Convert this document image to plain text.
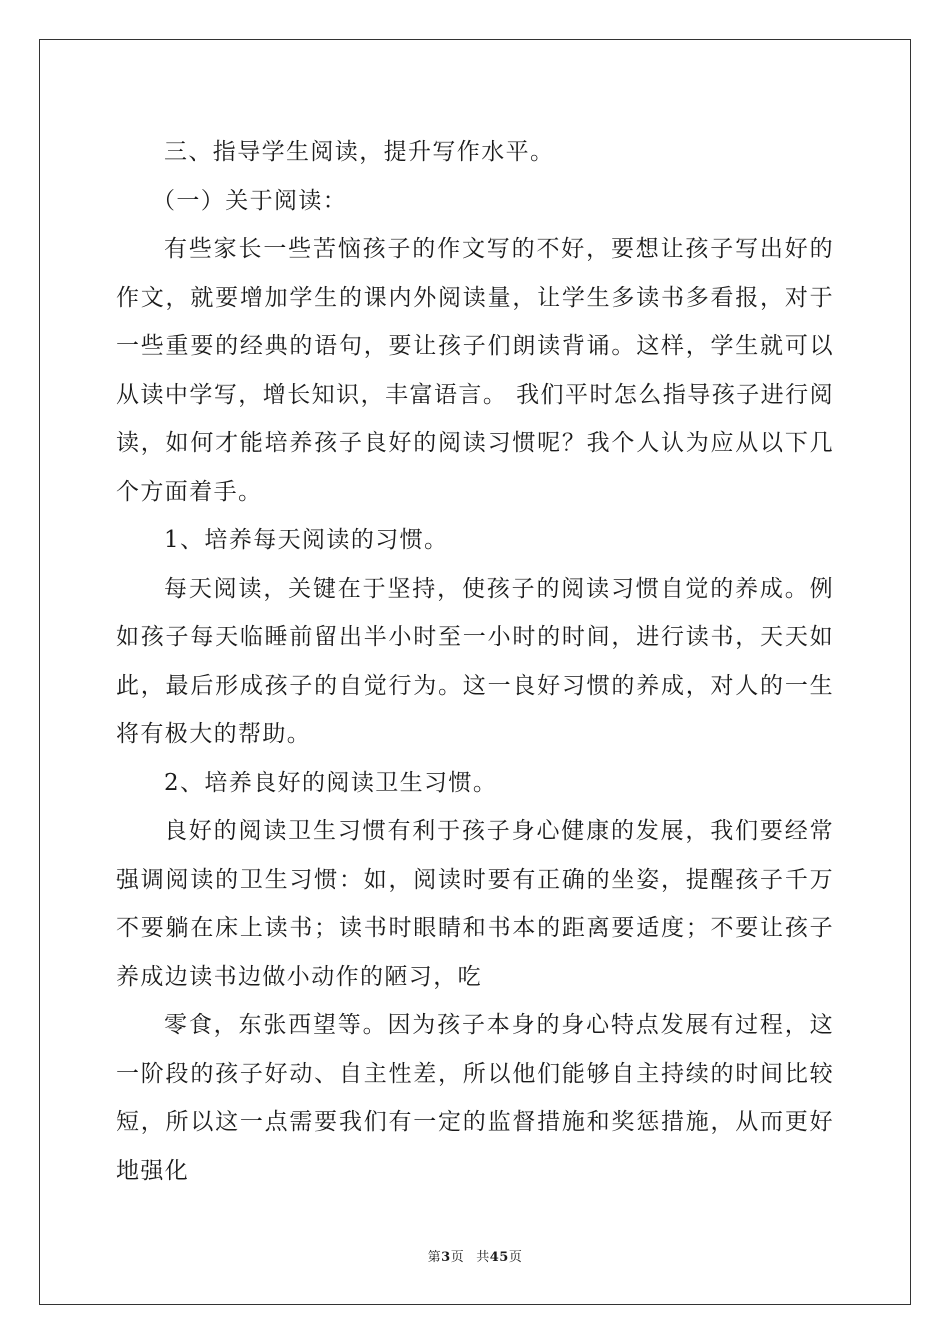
三、指导学生阅读，提升写作水平。

（一）关于阅读：

有些家长一些苦恼孩子的作文写的不好，要想让孩子写出好的作文，就要增加学生的课内外阅读量，让学生多读书多看报，对于一些重要的经典的语句，要让孩子们朗读背诵。这样，学生就可以从读中学写，增长知识，丰富语言。 我们平时怎么指导孩子进行阅读，如何才能培养孩子良好的阅读习惯呢？我个人认为应从以下几个方面着手。

1、培养每天阅读的习惯。

每天阅读，关键在于坚持，使孩子的阅读习惯自觉的养成。例如孩子每天临睡前留出半小时至一小时的时间，进行读书，天天如此，最后形成孩子的自觉行为。这一良好习惯的养成，对人的一生将有极大的帮助。

2、培养良好的阅读卫生习惯。

良好的阅读卫生习惯有利于孩子身心健康的发展，我们要经常强调阅读的卫生习惯：如，阅读时要有正确的坐姿，提醒孩子千万不要躺在床上读书；读书时眼睛和书本的距离要适度；不要让孩子养成边读书边做小动作的陋习，吃

零食，东张西望等。因为孩子本身的身心特点发展有过程，这一阶段的孩子好动、自主性差，所以他们能够自主持续的时间比较短，所以这一点需要我们有一定的监督措施和奖惩措施，从而更好地强化

第3页 共45页
